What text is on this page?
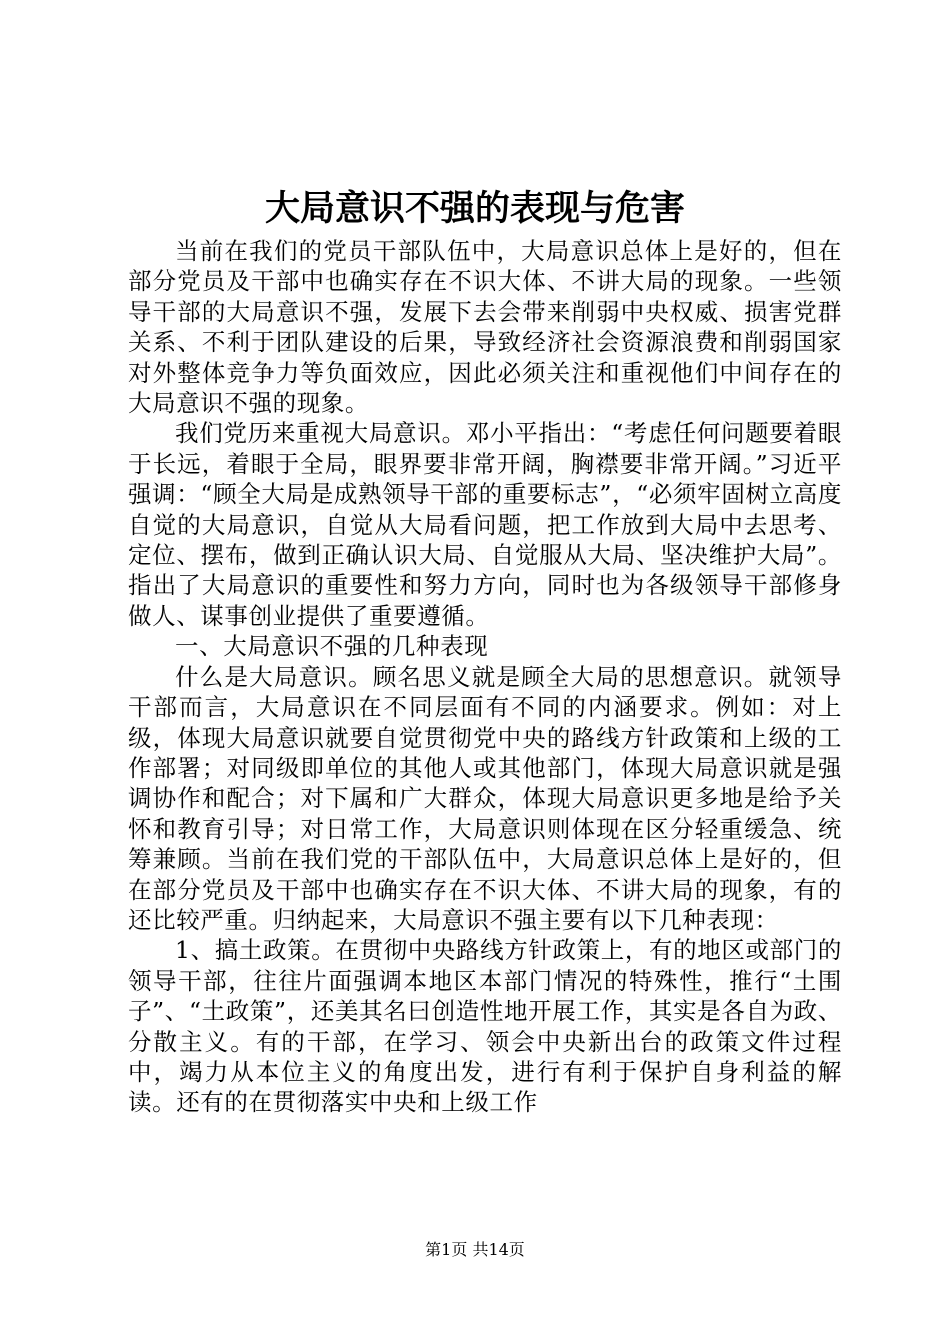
大局意识不强的表现与危害

当前在我们的党员干部队伍中，大局意识总体上是好的，但在部分党员及干部中也确实存在不识大体、不讲大局的现象。一些领导干部的大局意识不强，发展下去会带来削弱中央权威、损害党群关系、不利于团队建设的后果，导致经济社会资源浪费和削弱国家对外整体竞争力等负面效应，因此必须关注和重视他们中间存在的大局意识不强的现象。

我们党历来重视大局意识。邓小平指出：“考虑任何问题要着眼于长远，着眼于全局，眼界要非常开阔，胸襟要非常开阔。”习近平强调：“顾全大局是成熟领导干部的重要标志”，“必须牢固树立高度自觉的大局意识，自觉从大局看问题，把工作放到大局中去思考、定位、摆布，做到正确认识大局、自觉服从大局、坚决维护大局”。指出了大局意识的重要性和努力方向，同时也为各级领导干部修身做人、谋事创业提供了重要遵循。

一、大局意识不强的几种表现

什么是大局意识。顾名思义就是顾全大局的思想意识。就领导干部而言，大局意识在不同层面有不同的内涵要求。例如：对上级，体现大局意识就要自觉贯彻党中央的路线方针政策和上级的工作部署；对同级即单位的其他人或其他部门，体现大局意识就是强调协作和配合；对下属和广大群众，体现大局意识更多地是给予关怀和教育引导；对日常工作，大局意识则体现在区分轻重缓急、统筹兼顾。当前在我们党的干部队伍中，大局意识总体上是好的，但在部分党员及干部中也确实存在不识大体、不讲大局的现象，有的还比较严重。归纳起来，大局意识不强主要有以下几种表现：

1、搞土政策。在贯彻中央路线方针政策上，有的地区或部门的领导干部，往往片面强调本地区本部门情况的特殊性，推行“土围子”、“土政策”，还美其名曰创造性地开展工作，其实是各自为政、分散主义。有的干部，在学习、领会中央新出台的政策文件过程中，竭力从本位主义的角度出发，进行有利于保护自身利益的解读。还有的在贯彻落实中央和上级工作

第1页 共14页
